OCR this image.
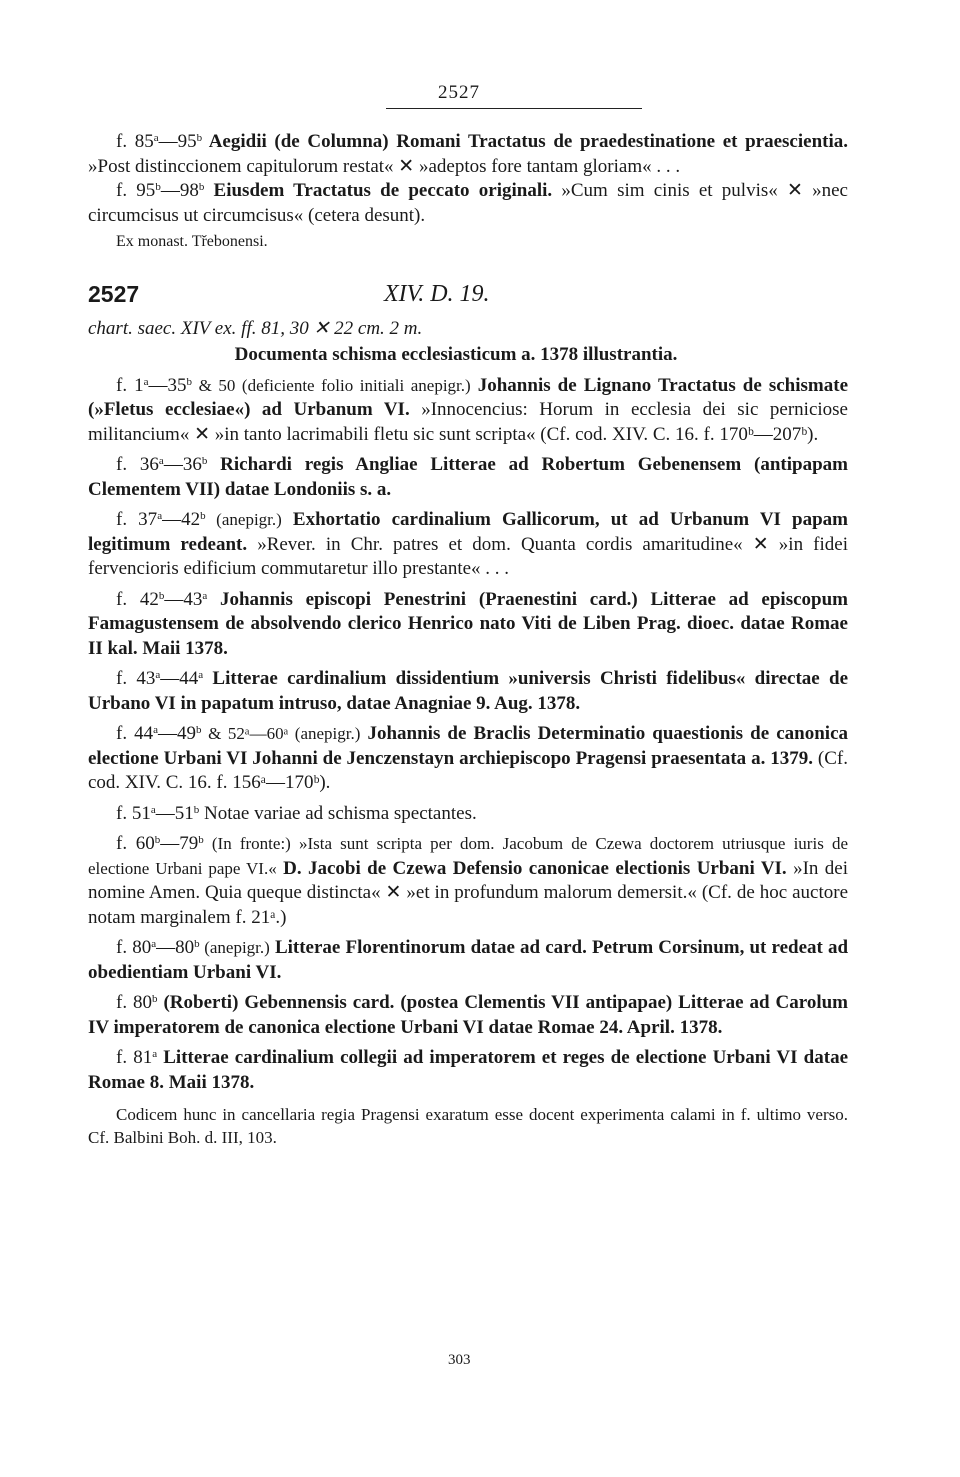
2527

f. 85$^a$—95$^b$ Aegidii (de Columna) Romani Tractatus de praedestinatione et praescientia. »Post distinccionem capitulorum restat« ✕ »adeptos fore tantam gloriam« . . .

f. 95$^b$—98$^b$ Eiusdem Tractatus de peccato originali. »Cum sim cinis et pulvis« ✕ »nec circumcisus ut circumcisus« (cetera desunt).

Ex monast. Třebonensi.

2527	XIV. D. 19.

chart. saec. XIV ex. ff. 81, 30 ✕ 22 cm. 2 m.

Documenta schisma ecclesiasticum a. 1378 illustrantia.

f. 1$^a$—35$^b$ & 50 (deficiente folio initiali anepigr.) Johannis de Lignano Tractatus de schismate (»Fletus ecclesiae«) ad Urbanum VI. »Innocencius: Horum in ecclesia dei sic perniciose militancium« ✕ »in tanto lacrimabili fletu sic sunt scripta« (Cf. cod. XIV. C. 16. f. 170ᵇ—207ᵇ).

f. 36$^a$—36$^b$ Richardi regis Angliae Litterae ad Robertum Gebenensem (antipapam Clementem VII) datae Londoniis s. a.

f. 37$^a$—42$^b$ (anepigr.) Exhortatio cardinalium Gallicorum, ut ad Urbanum VI papam legitimum redeant. »Rever. in Chr. patres et dom. Quanta cordis amaritudine« ✕ »in fidei fervencioris edificium commutaretur illo prestante« . . .

f. 42$^b$—43$^a$ Johannis episcopi Penestrini (Praenestini card.) Litterae ad episcopum Famagustensem de absolvendo clerico Henrico nato Viti de Liben Prag. dioec. datae Romae II kal. Maii 1378.

f. 43$^a$—44$^a$ Litterae cardinalium dissidentium »universis Christi fidelibus« directae de Urbano VI in papatum intruso, datae Anagniae 9. Aug. 1378.

f. 44$^a$—49$^b$ & 52ᵃ—60ᵃ (anepigr.) Johannis de Braclis Determinatio quaestionis de canonica electione Urbani VI Johanni de Jenczenstayn archiepiscopo Pragensi praesentata a. 1379. (Cf. cod. XIV. C. 16. f. 156ᵃ—170ᵇ).

f. 51$^a$—51$^b$ Notae variae ad schisma spectantes.

f. 60$^b$—79$^b$ (In fronte:) »Ista sunt scripta per dom. Jacobum de Czewa doctorem utriusque iuris de electione Urbani pape VI.« D. Jacobi de Czewa Defensio canonicae electionis Urbani VI. »In dei nomine Amen. Quia queque distincta« ✕ »et in profundum malorum demersit.« (Cf. de hoc auctore notam marginalem f. 21ᵃ.)

f. 80$^a$—80$^b$ (anepigr.) Litterae Florentinorum datae ad card. Petrum Corsinum, ut redeat ad obedientiam Urbani VI.

f. 80$^b$ (Roberti) Gebennensis card. (postea Clementis VII antipapae) Litterae ad Carolum IV imperatorem de canonica electione Urbani VI datae Romae 24. April. 1378.

f. 81$^a$ Litterae cardinalium collegii ad imperatorem et reges de electione Urbani VI datae Romae 8. Maii 1378.

Codicem hunc in cancellaria regia Pragensi exaratum esse docent experimenta calami in f. ultimo verso. Cf. Balbini Boh. d. III, 103.

303
